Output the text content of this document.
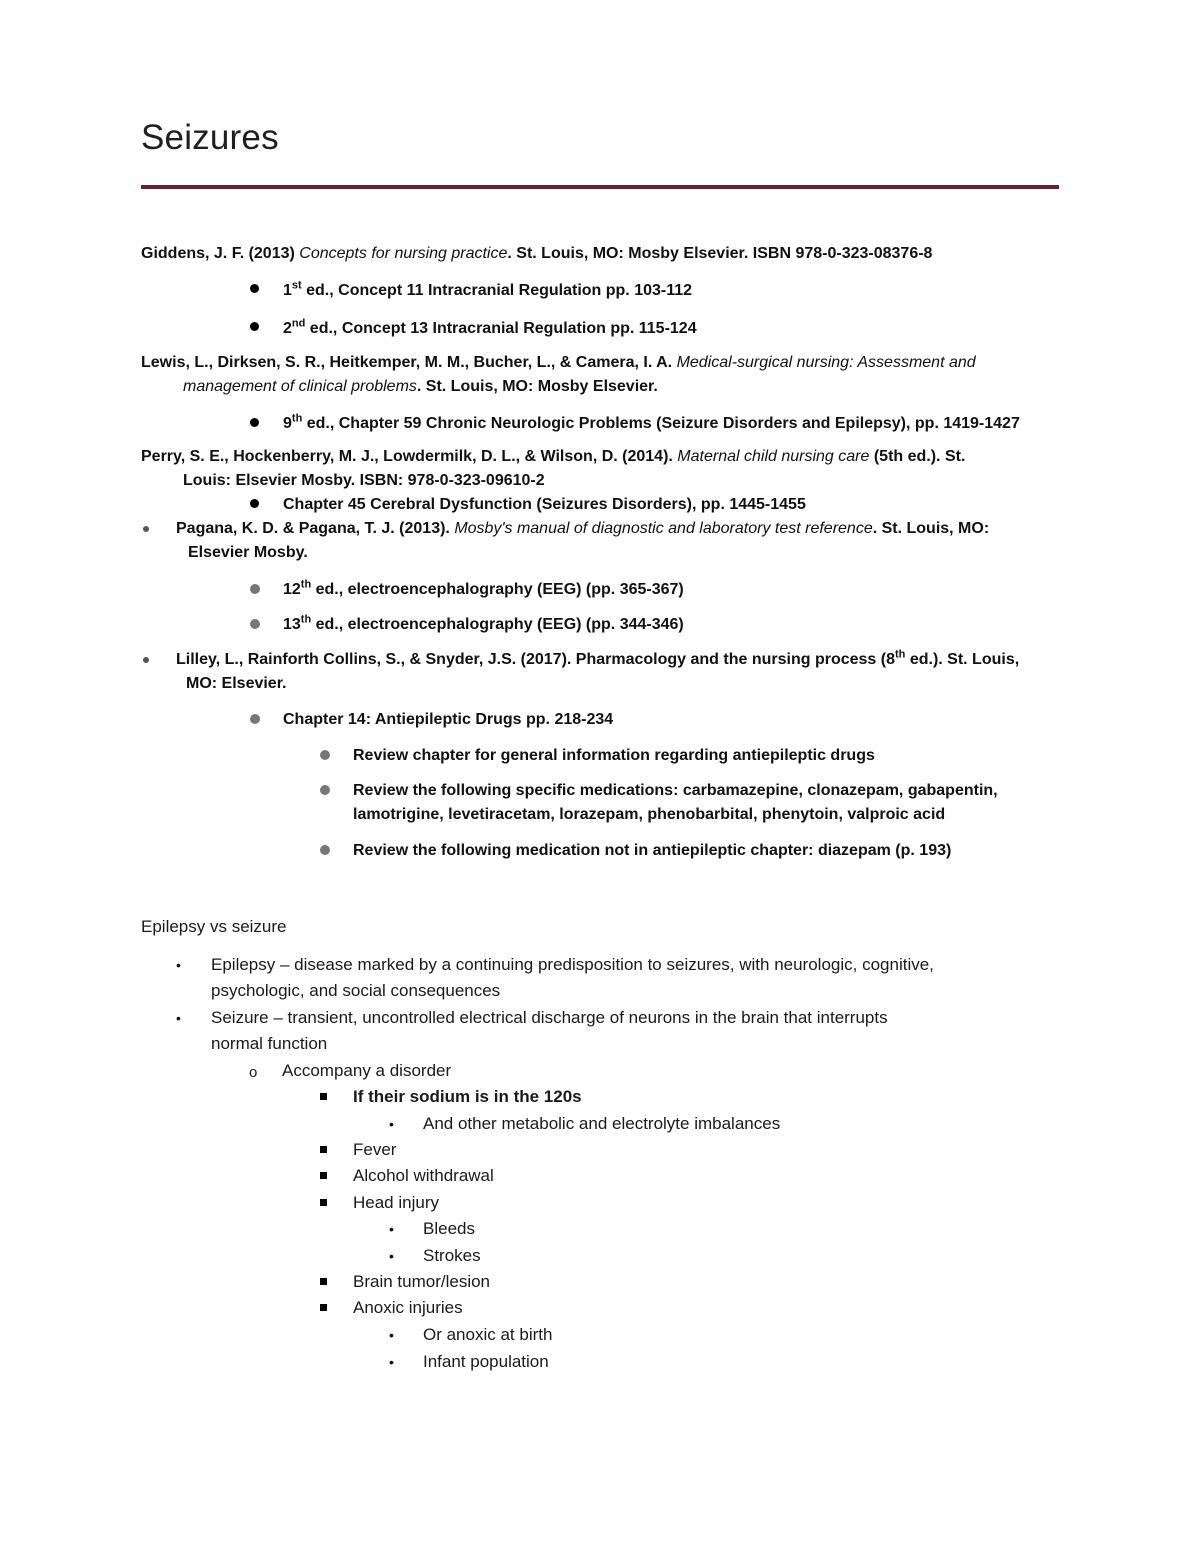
Seizures
Giddens, J. F. (2013) Concepts for nursing practice. St. Louis, MO: Mosby Elsevier. ISBN 978-0-323-08376-8
1st ed., Concept 11 Intracranial Regulation pp. 103-112
2nd ed., Concept 13 Intracranial Regulation pp. 115-124
Lewis, L., Dirksen, S. R., Heitkemper, M. M., Bucher, L., & Camera, I. A. Medical-surgical nursing: Assessment and
management of clinical problems. St. Louis, MO: Mosby Elsevier.
9th ed., Chapter 59 Chronic Neurologic Problems (Seizure Disorders and Epilepsy), pp. 1419-1427
Perry, S. E., Hockenberry, M. J., Lowdermilk, D. L., & Wilson, D. (2014). Maternal child nursing care (5th ed.). St.
Louis: Elsevier Mosby. ISBN: 978-0-323-09610-2
Chapter 45 Cerebral Dysfunction (Seizures Disorders), pp. 1445-1455
Pagana, K. D. & Pagana, T. J. (2013). Mosby's manual of diagnostic and laboratory test reference. St. Louis, MO:
Elsevier Mosby.
12th ed., electroencephalography (EEG) (pp. 365-367)
13th ed., electroencephalography (EEG) (pp. 344-346)
Lilley, L., Rainforth Collins, S., & Snyder, J.S. (2017). Pharmacology and the nursing process (8th ed.). St. Louis,
MO: Elsevier.
Chapter 14: Antiepileptic Drugs pp. 218-234
Review chapter for general information regarding antiepileptic drugs
Review the following specific medications: carbamazepine, clonazepam, gabapentin,
lamotrigine, levetiracetam, lorazepam, phenobarbital, phenytoin, valproic acid
Review the following medication not in antiepileptic chapter: diazepam (p. 193)
Epilepsy vs seizure
• Epilepsy – disease marked by a continuing predisposition to seizures, with neurologic, cognitive,
psychologic, and social consequences
• Seizure – transient, uncontrolled electrical discharge of neurons in the brain that interrupts
normal function
o Accompany a disorder
If their sodium is in the 120s
• And other metabolic and electrolyte imbalances
Fever
Alcohol withdrawal
Head injury
• Bleeds
• Strokes
Brain tumor/lesion
Anoxic injuries
• Or anoxic at birth
• Infant population
